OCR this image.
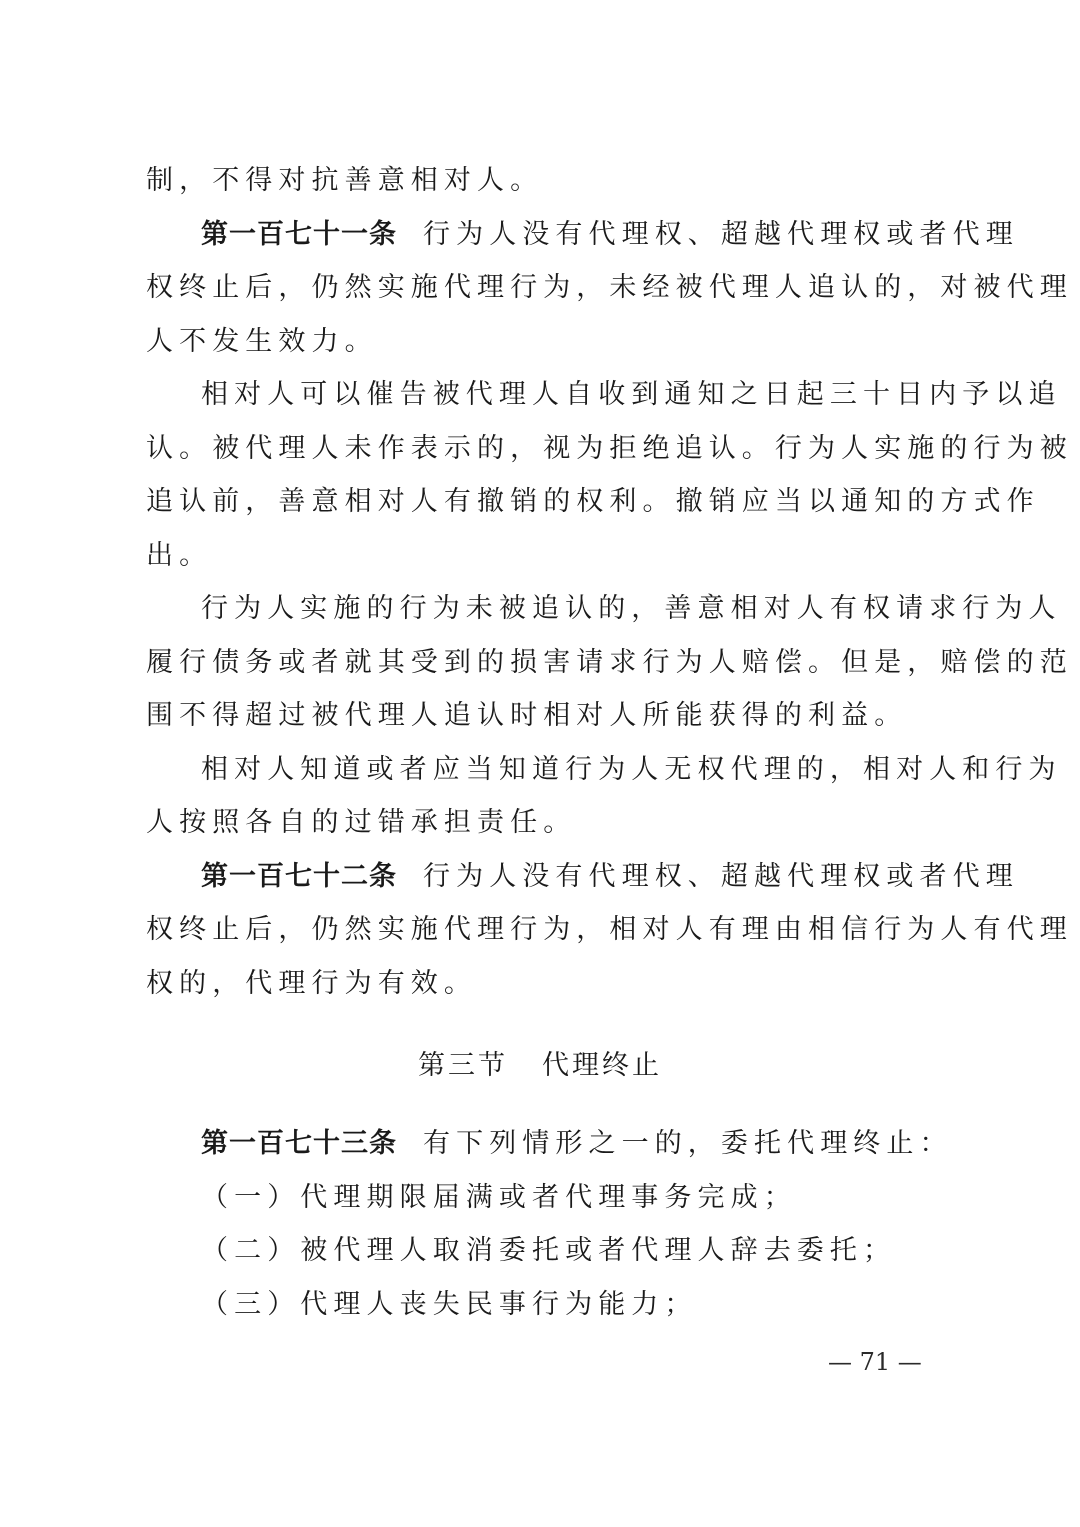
制，不得对抗善意相对人。
第一百七十一条 行为人没有代理权、超越代理权或者代理
权终止后，仍然实施代理行为，未经被代理人追认的，对被代理
人不发生效力。
相对人可以催告被代理人自收到通知之日起三十日内予以追
认。被代理人未作表示的，视为拒绝追认。行为人实施的行为被
追认前，善意相对人有撤销的权利。撤销应当以通知的方式作
出。
行为人实施的行为未被追认的，善意相对人有权请求行为人
履行债务或者就其受到的损害请求行为人赔偿。但是，赔偿的范
围不得超过被代理人追认时相对人所能获得的利益。
相对人知道或者应当知道行为人无权代理的，相对人和行为
人按照各自的过错承担责任。
第一百七十二条 行为人没有代理权、超越代理权或者代理
权终止后，仍然实施代理行为，相对人有理由相信行为人有代理
权的，代理行为有效。
第三节 代理终止
第一百七十三条 有下列情形之一的，委托代理终止：
（一）代理期限届满或者代理事务完成；
（二）被代理人取消委托或者代理人辞去委托；
（三）代理人丧失民事行为能力；
— 71 —
